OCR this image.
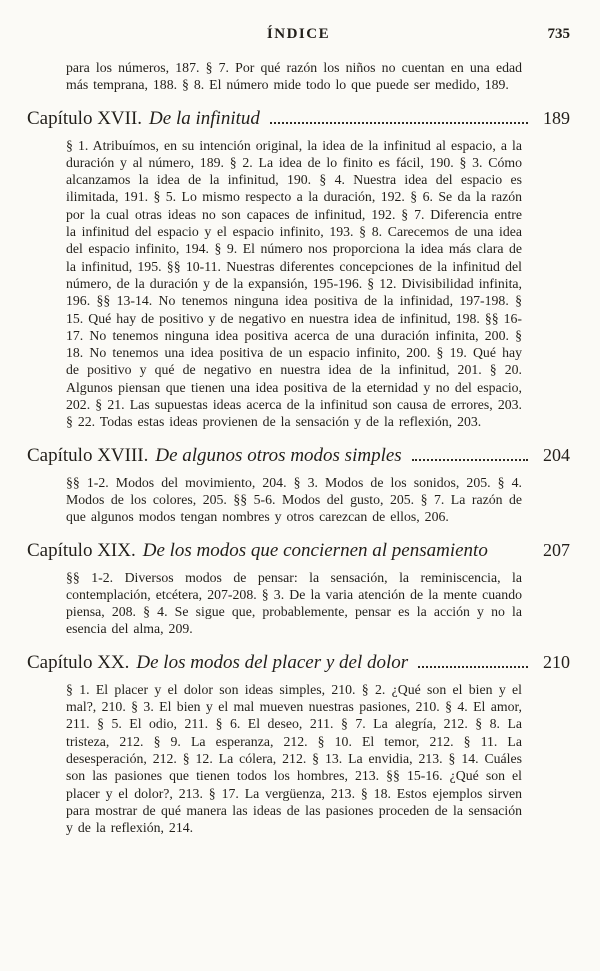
ÍNDICE	735

para los números, 187. § 7. Por qué razón los niños no cuentan en una edad más temprana, 188. § 8. El número mide todo lo que puede ser medido, 189.

Capítulo XVII. De la infinitud	189

§ 1. Atribuímos, en su intención original, la idea de la infinitud al espacio, a la duración y al número, 189. § 2. La idea de lo finito es fácil, 190. § 3. Cómo alcanzamos la idea de la infinitud, 190. § 4. Nuestra idea del espacio es ilimitada, 191. § 5. Lo mismo respecto a la duración, 192. § 6. Se da la razón por la cual otras ideas no son capaces de infinitud, 192. § 7. Diferencia entre la infinitud del espacio y el espacio infinito, 193. § 8. Carecemos de una idea del espacio infinito, 194. § 9. El número nos proporciona la idea más clara de la infinitud, 195. §§ 10-11. Nuestras diferentes concepciones de la infinitud del número, de la duración y de la expansión, 195-196. § 12. Divisibilidad infinita, 196. §§ 13-14. No tenemos ninguna idea positiva de la infinidad, 197-198. § 15. Qué hay de positivo y de negativo en nuestra idea de infinitud, 198. §§ 16-17. No tenemos ninguna idea positiva acerca de una duración infinita, 200. § 18. No tenemos una idea positiva de un espacio infinito, 200. § 19. Qué hay de positivo y qué de negativo en nuestra idea de la infinitud, 201. § 20. Algunos piensan que tienen una idea positiva de la eternidad y no del espacio, 202. § 21. Las supuestas ideas acerca de la infinitud son causa de errores, 203. § 22. Todas estas ideas provienen de la sensación y de la reflexión, 203.

Capítulo XVIII. De algunos otros modos simples	204

§§ 1-2. Modos del movimiento, 204. § 3. Modos de los sonidos, 205. § 4. Modos de los colores, 205. §§ 5-6. Modos del gusto, 205. § 7. La razón de que algunos modos tengan nombres y otros carezcan de ellos, 206.

Capítulo XIX. De los modos que conciernen al pensamiento	207

§§ 1-2. Diversos modos de pensar: la sensación, la reminiscencia, la contemplación, etcétera, 207-208. § 3. De la varia atención de la mente cuando piensa, 208. § 4. Se sigue que, probablemente, pensar es la acción y no la esencia del alma, 209.

Capítulo XX. De los modos del placer y del dolor	210

§ 1. El placer y el dolor son ideas simples, 210. § 2. ¿Qué son el bien y el mal?, 210. § 3. El bien y el mal mueven nuestras pasiones, 210. § 4. El amor, 211. § 5. El odio, 211. § 6. El deseo, 211. § 7. La alegría, 212. § 8. La tristeza, 212. § 9. La esperanza, 212. § 10. El temor, 212. § 11. La desesperación, 212. § 12. La cólera, 212. § 13. La envidia, 213. § 14. Cuáles son las pasiones que tienen todos los hombres, 213. §§ 15-16. ¿Qué son el placer y el dolor?, 213. § 17. La vergüenza, 213. § 18. Estos ejemplos sirven para mostrar de qué manera las ideas de las pasiones proceden de la sensación y de la reflexión, 214.
